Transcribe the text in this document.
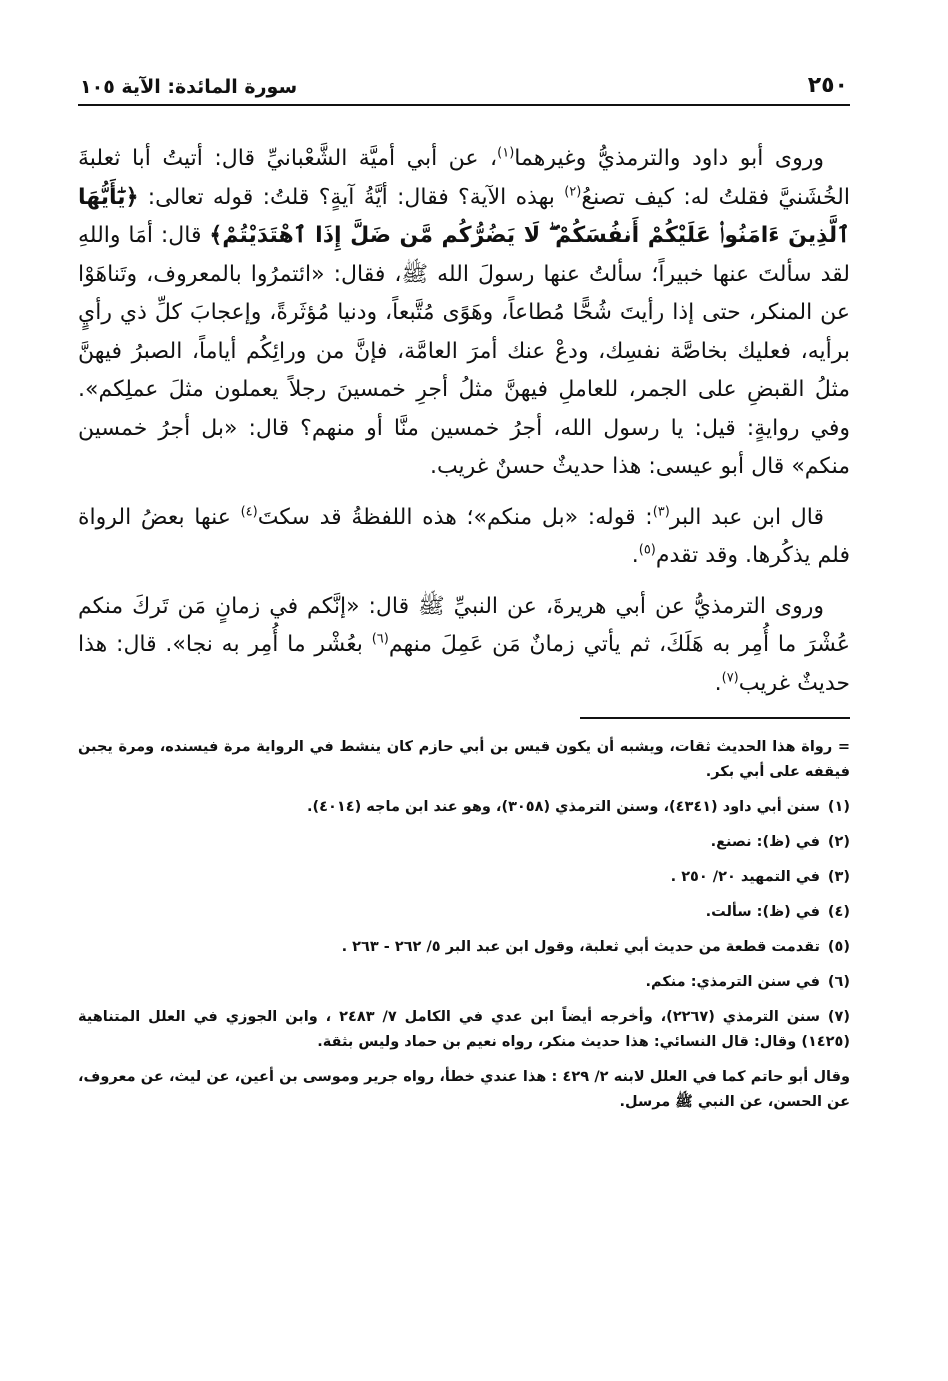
٢٥٠
سورة المائدة: الآية ١٠٥

وروى أبو داود والترمذيُّ وغيرهما$^{(١)}$، عن أبي أميَّة الشَّعْبانيِّ قال: أتيتُ أبا ثعلبةَ الخُشَنيَّ فقلتُ له: كيف تصنعُ$^{(٢)}$ بهذه الآية؟ فقال: أيَّةُ آيةٍ؟ قلتُ: قوله تعالى: ﴿يَٰٓأَيُّهَا ٱلَّذِينَ ءَامَنُوا۟ عَلَيْكُمْ أَنفُسَكُمْ ۖ لَا يَضُرُّكُم مَّن ضَلَّ إِذَا ٱهْتَدَيْتُمْ﴾ قال: أمَا واللهِ لقد سألتَ عنها خبيراً؛ سألتُ عنها رسولَ الله ﷺ، فقال: «ائتمرُوا بالمعروف، وتَناهَوْا عن المنكر، حتى إذا رأيتَ شُحًّا مُطاعاً، وهَوًى مُتَّبعاً، ودنيا مُؤثَرةً، وإعجابَ كلِّ ذي رأيٍ برأيه، فعليك بخاصَّة نفسِك، ودعْ عنك أمرَ العامَّة، فإنَّ من ورائِكُم أياماً، الصبرُ فيهنَّ مثلُ القبضِ على الجمر، للعاملِ فيهنَّ مثلُ أجرِ خمسينَ رجلاً يعملون مثلَ عملِكم». وفي روايةٍ: قيل: يا رسول الله، أجرُ خمسين منَّا أو منهم؟ قال: «بل أجرُ خمسين منكم» قال أبو عيسى: هذا حديثٌ حسنٌ غريب.

قال ابن عبد البر$^{(٣)}$: قوله: «بل منكم»؛ هذه اللفظةُ قد سكتَ$^{(٤)}$ عنها بعضُ الرواة فلم يذكُرها. وقد تقدم$^{(٥)}$.

وروى الترمذيُّ عن أبي هريرةَ، عن النبيِّ ﷺ قال: «إنَّكم في زمانٍ مَن تَركَ منكم عُشْرَ ما أُمِر به هَلَكَ، ثم يأتي زمانٌ مَن عَمِلَ منهم$^{(٦)}$ بعُشْر ما أُمِر به نجا». قال: هذا حديثٌ غريب$^{(٧)}$.

= رواة هذا الحديث ثقات، ويشبه أن يكون قيس بن أبي حازم كان ينشط في الرواية مرة فيسنده، ومرة يجبن فيقفه على أبي بكر.
(١)سنن أبي داود (٤٣٤١)، وسنن الترمذي (٣٠٥٨)، وهو عند ابن ماجه (٤٠١٤).
(٢)في (ظ): نصنع.
(٣)في التمهيد ٢٠/ ٢٥٠ .
(٤)في (ظ): سألت.
(٥)تقدمت قطعة من حديث أبي ثعلبة، وقول ابن عبد البر ٥/ ٢٦٢ - ٢٦٣ .
(٦)في سنن الترمذي: منكم.
(٧)سنن الترمذي (٢٢٦٧)، وأخرجه أيضاً ابن عدي في الكامل ٧/ ٢٤٨٣ ، وابن الجوزي في العلل المتناهية (١٤٢٥) وقال: قال النسائي: هذا حديث منكر، رواه نعيم بن حماد وليس بثقة.
وقال أبو حاتم كما في العلل لابنه ٢/ ٤٢٩ : هذا عندي خطأ، رواه جرير وموسى بن أعين، عن ليث، عن معروف، عن الحسن، عن النبي ﷺ مرسل.
